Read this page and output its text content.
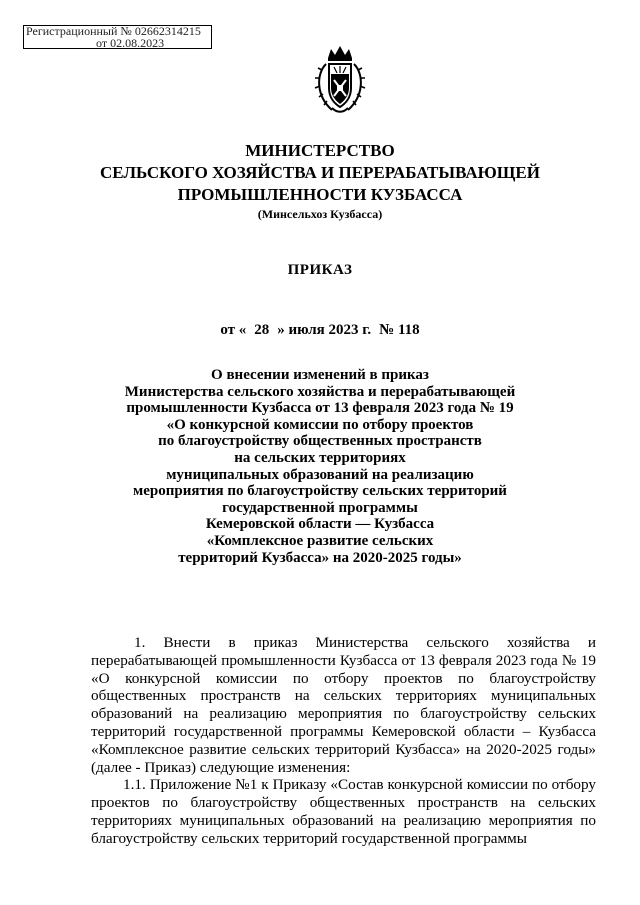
Регистрационный № 02662314215
от 02.08.2023
МИНИСТЕРСТВО
СЕЛЬСКОГО ХОЗЯЙСТВА И ПЕРЕРАБАТЫВАЮЩЕЙ
ПРОМЫШЛЕННОСТИ КУЗБАССА
(Минсельхоз Кузбасса)
ПРИКАЗ
от « 28 » июля 2023 г. № 118
О внесении изменений в приказ
Министерства сельского хозяйства и перерабатывающей
промышленности Кузбасса от 13 февраля 2023 года № 19
«О конкурсной комиссии по отбору проектов
по благоустройству общественных пространств
на сельских территориях
муниципальных образований на реализацию
мероприятия по благоустройству сельских территорий
государственной программы
Кемеровской области — Кузбасса
«Комплексное развитие сельских
территорий Кузбасса» на 2020-2025 годы»

1. Внести в приказ Министерства сельского хозяйства и перерабатывающей промышленности Кузбасса от 13 февраля 2023 года № 19 «О конкурсной комиссии по отбору проектов по благоустройству общественных пространств на сельских территориях муниципальных образований на реализацию мероприятия по благоустройству сельских территорий государственной программы Кемеровской области – Кузбасса «Комплексное развитие сельских территорий Кузбасса» на 2020-2025 годы» (далее - Приказ) следующие изменения:

1.1. Приложение №1 к Приказу «Состав конкурсной комиссии по отбору проектов по благоустройству общественных пространств на сельских территориях муниципальных образований на реализацию мероприятия по благоустройству сельских территорий государственной программы
